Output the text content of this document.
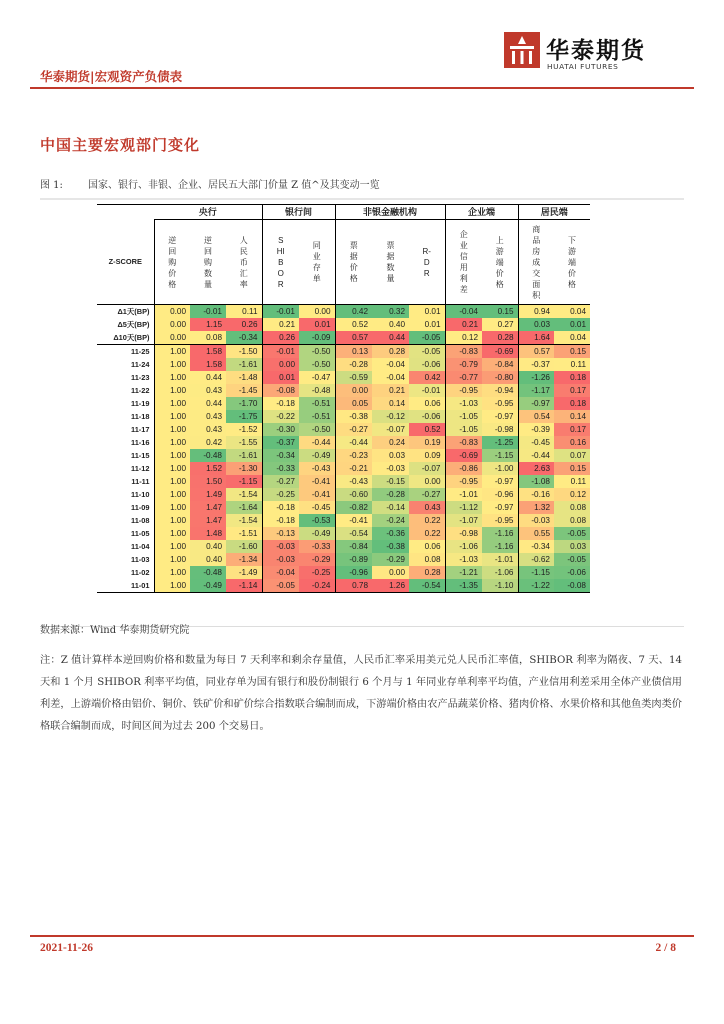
华泰期货|宏观资产负债表
华泰期货
HUATAI FUTURES
中国主要宏观部门变化
图 1:	国家、银行、非银、企业、居民五大部门价量 Z 值^及其变动一览
	央行			银行间		非银金融机构			企业端		居民端	
Z-SCORE	逆回购价格	逆回购数量	人民币汇率	SHIBOR	同业存单	票据价格	票据数量	R-DR	企业信用利差	上游端价格	商品房成交面积	下游端价格
Δ1天(BP)	0.00	-0.01	0.11	-0.01	0.00	0.42	0.32	0.01	-0.04	0.15	0.94	0.04
Δ5天(BP)	0.00	1.15	0.26	0.21	0.01	0.52	0.40	0.01	0.21	0.27	0.03	0.01
Δ10天(BP)	0.00	0.08	-0.34	0.26	-0.09	0.57	0.44	-0.05	0.12	0.28	1.64	0.04
11-25	1.00	1.58	-1.50	-0.01	-0.50	0.13	0.28	-0.05	-0.83	-0.69	0.57	0.15
11-24	1.00	1.58	-1.61	0.00	-0.50	-0.28	-0.04	-0.06	-0.79	-0.84	-0.37	0.11
11-23	1.00	0.44	-1.48	0.01	-0.47	-0.59	-0.04	0.42	-0.77	-0.80	-1.26	0.18
11-22	1.00	0.43	-1.45	-0.08	-0.48	0.00	0.21	-0.01	-0.95	-0.94	-1.17	0.17
11-19	1.00	0.44	-1.70	-0.18	-0.51	0.05	0.14	0.06	-1.03	-0.95	-0.97	0.18
11-18	1.00	0.43	-1.75	-0.22	-0.51	-0.38	-0.12	-0.06	-1.05	-0.97	0.54	0.14
11-17	1.00	0.43	-1.52	-0.30	-0.50	-0.27	-0.07	0.52	-1.05	-0.98	-0.39	0.17
11-16	1.00	0.42	-1.55	-0.37	-0.44	-0.44	0.24	0.19	-0.83	-1.25	-0.45	0.16
11-15	1.00	-0.48	-1.61	-0.34	-0.49	-0.23	0.03	0.09	-0.69	-1.15	-0.44	0.07
11-12	1.00	1.52	-1.30	-0.33	-0.43	-0.21	-0.03	-0.07	-0.86	-1.00	2.63	0.15
11-11	1.00	1.50	-1.15	-0.27	-0.41	-0.43	-0.15	0.00	-0.95	-0.97	-1.08	0.11
11-10	1.00	1.49	-1.54	-0.25	-0.41	-0.60	-0.28	-0.27	-1.01	-0.96	-0.16	0.12
11-09	1.00	1.47	-1.64	-0.18	-0.45	-0.82	-0.14	0.43	-1.12	-0.97	1.32	0.08
11-08	1.00	1.47	-1.54	-0.18	-0.53	-0.41	-0.24	0.22	-1.07	-0.95	-0.03	0.08
11-05	1.00	1.48	-1.51	-0.13	-0.49	-0.54	-0.36	0.22	-0.98	-1.16	0.55	-0.05
11-04	1.00	0.40	-1.60	-0.03	-0.33	-0.84	-0.38	0.06	-1.06	-1.16	-0.34	0.03
11-03	1.00	0.40	-1.34	-0.03	-0.29	-0.89	-0.29	0.08	-1.03	-1.01	-0.62	-0.05
11-02	1.00	-0.48	-1.49	-0.04	-0.25	-0.96	0.00	0.28	-1.21	-1.06	-1.15	-0.06
11-01	1.00	-0.49	-1.14	-0.05	-0.24	0.78	1.26	-0.54	-1.35	-1.10	-1.22	-0.08
数据来源：Wind 华泰期货研究院
注：Z 值计算样本逆回购价格和数量为每日 7 天利率和剩余存量值，人民币汇率采用美元兑人民币汇率值，SHIBOR 利率为隔夜、7 天、14 天和 1 个月 SHIBOR 利率平均值，同业存单为国有银行和股份制银行 6 个月与 1 年同业存单利率平均值，产业信用利差采用全体产业债信用利差，上游端价格由铝价、铜价、铁矿价和矿价综合指数联合编制而成，下游端价格由农产品蔬菜价格、猪肉价格、水果价格和其他鱼类肉类价格联合编制而成，时间区间为过去 200 个交易日。
2021-11-26	2 / 8
